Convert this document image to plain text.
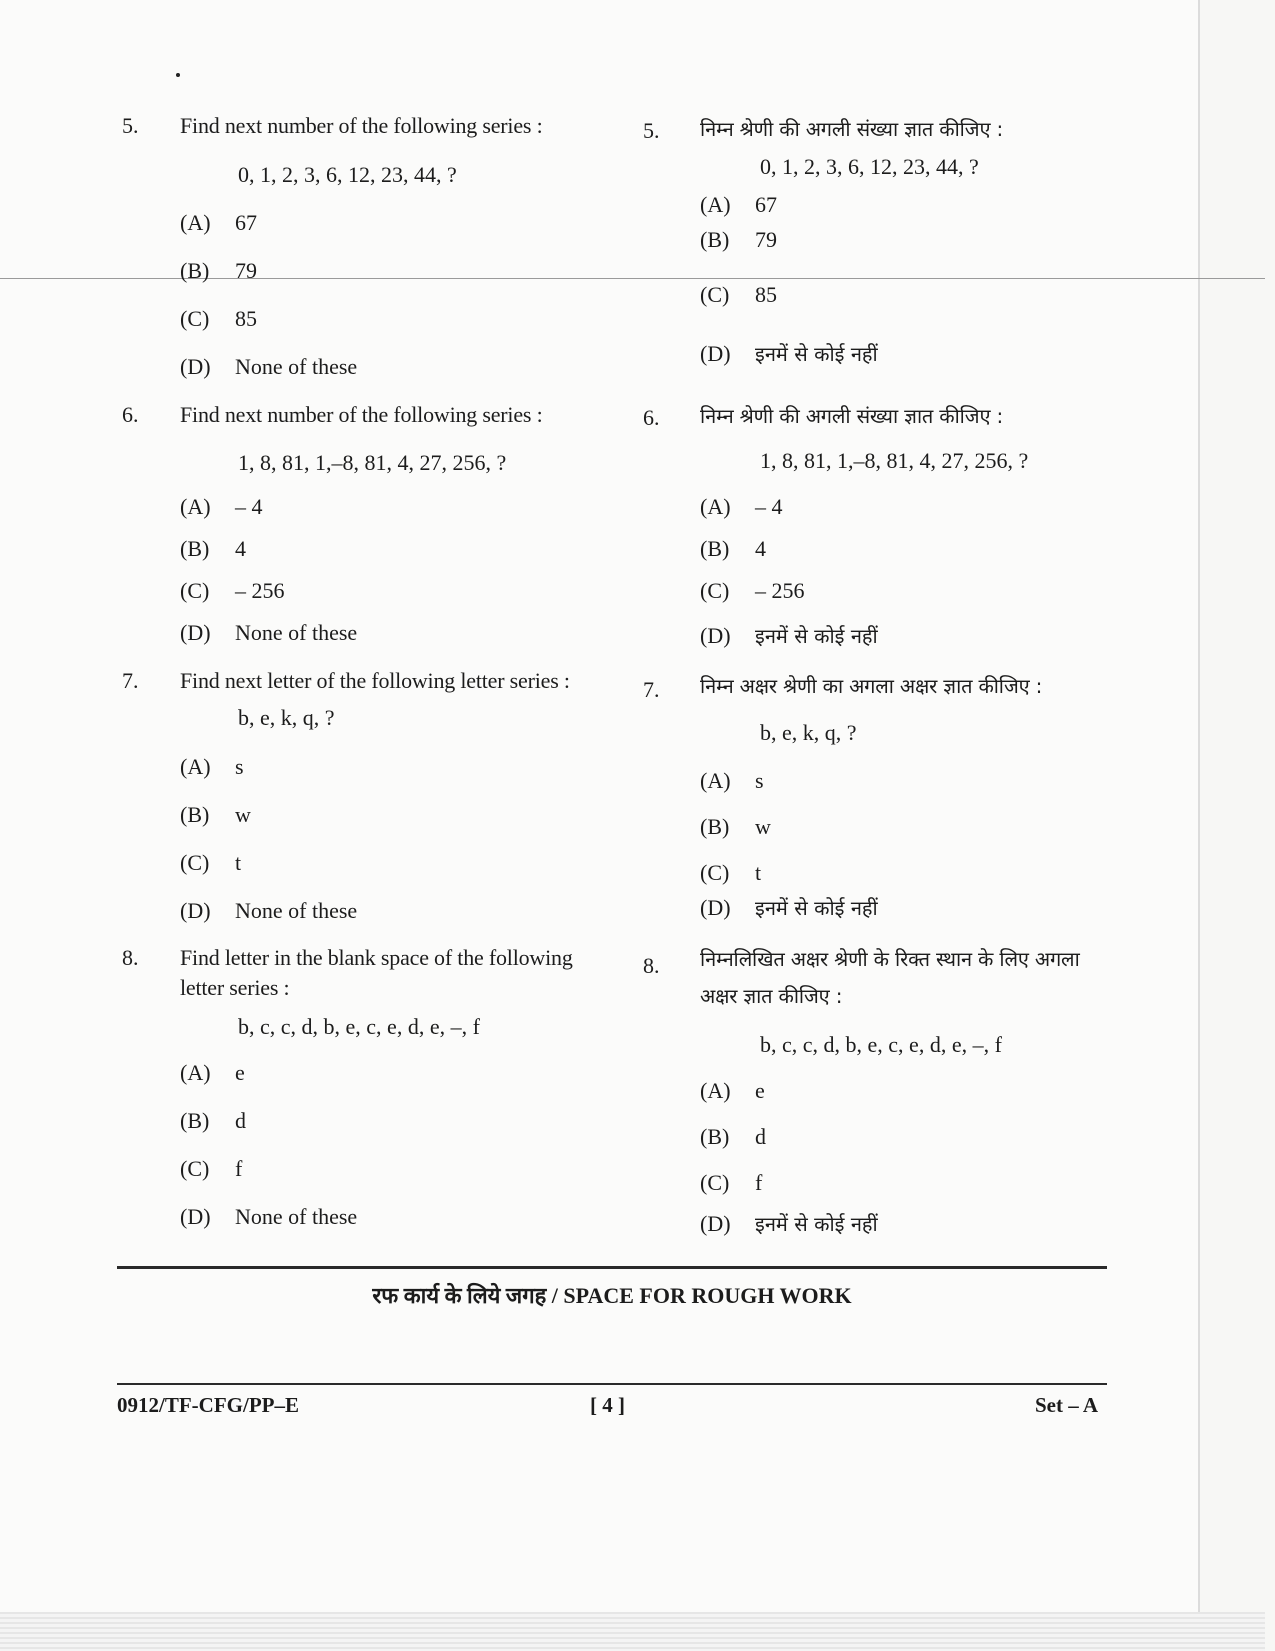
5. Find next number of the following series :
0, 1, 2, 3, 6, 12, 23, 44, ?
(A) 67
(B) 79
(C) 85
(D) None of these
6. Find next number of the following series :
1, 8, 81, 1,–8, 81, 4, 27, 256, ?
(A) – 4
(B) 4
(C) – 256
(D) None of these
7. Find next letter of the following letter series :
b, e, k, q, ?
(A) s
(B) w
(C) t
(D) None of these
8. Find letter in the blank space of the following
letter series :
b, c, c, d, b, e, c, e, d, e, –, f
(A) e
(B) d
(C) f
(D) None of these
5. निम्न श्रेणी की अगली संख्या ज्ञात कीजिए :
0, 1, 2, 3, 6, 12, 23, 44, ?
(A) 67
(B) 79
(C) 85
(D) इनमें से कोई नहीं
6. निम्न श्रेणी की अगली संख्या ज्ञात कीजिए :
1, 8, 81, 1,–8, 81, 4, 27, 256, ?
(A) – 4
(B) 4
(C) – 256
(D) इनमें से कोई नहीं
7. निम्न अक्षर श्रेणी का अगला अक्षर ज्ञात कीजिए :
b, e, k, q, ?
(A) s
(B) w
(C) t
(D) इनमें से कोई नहीं
8. निम्नलिखित अक्षर श्रेणी के रिक्त स्थान के लिए अगला
अक्षर ज्ञात कीजिए :
b, c, c, d, b, e, c, e, d, e, –, f
(A) e
(B) d
(C) f
(D) इनमें से कोई नहीं
रफ कार्य के लिये जगह / SPACE FOR ROUGH WORK
0912/TF-CFG/PP–E	[ 4 ]	Set – A
